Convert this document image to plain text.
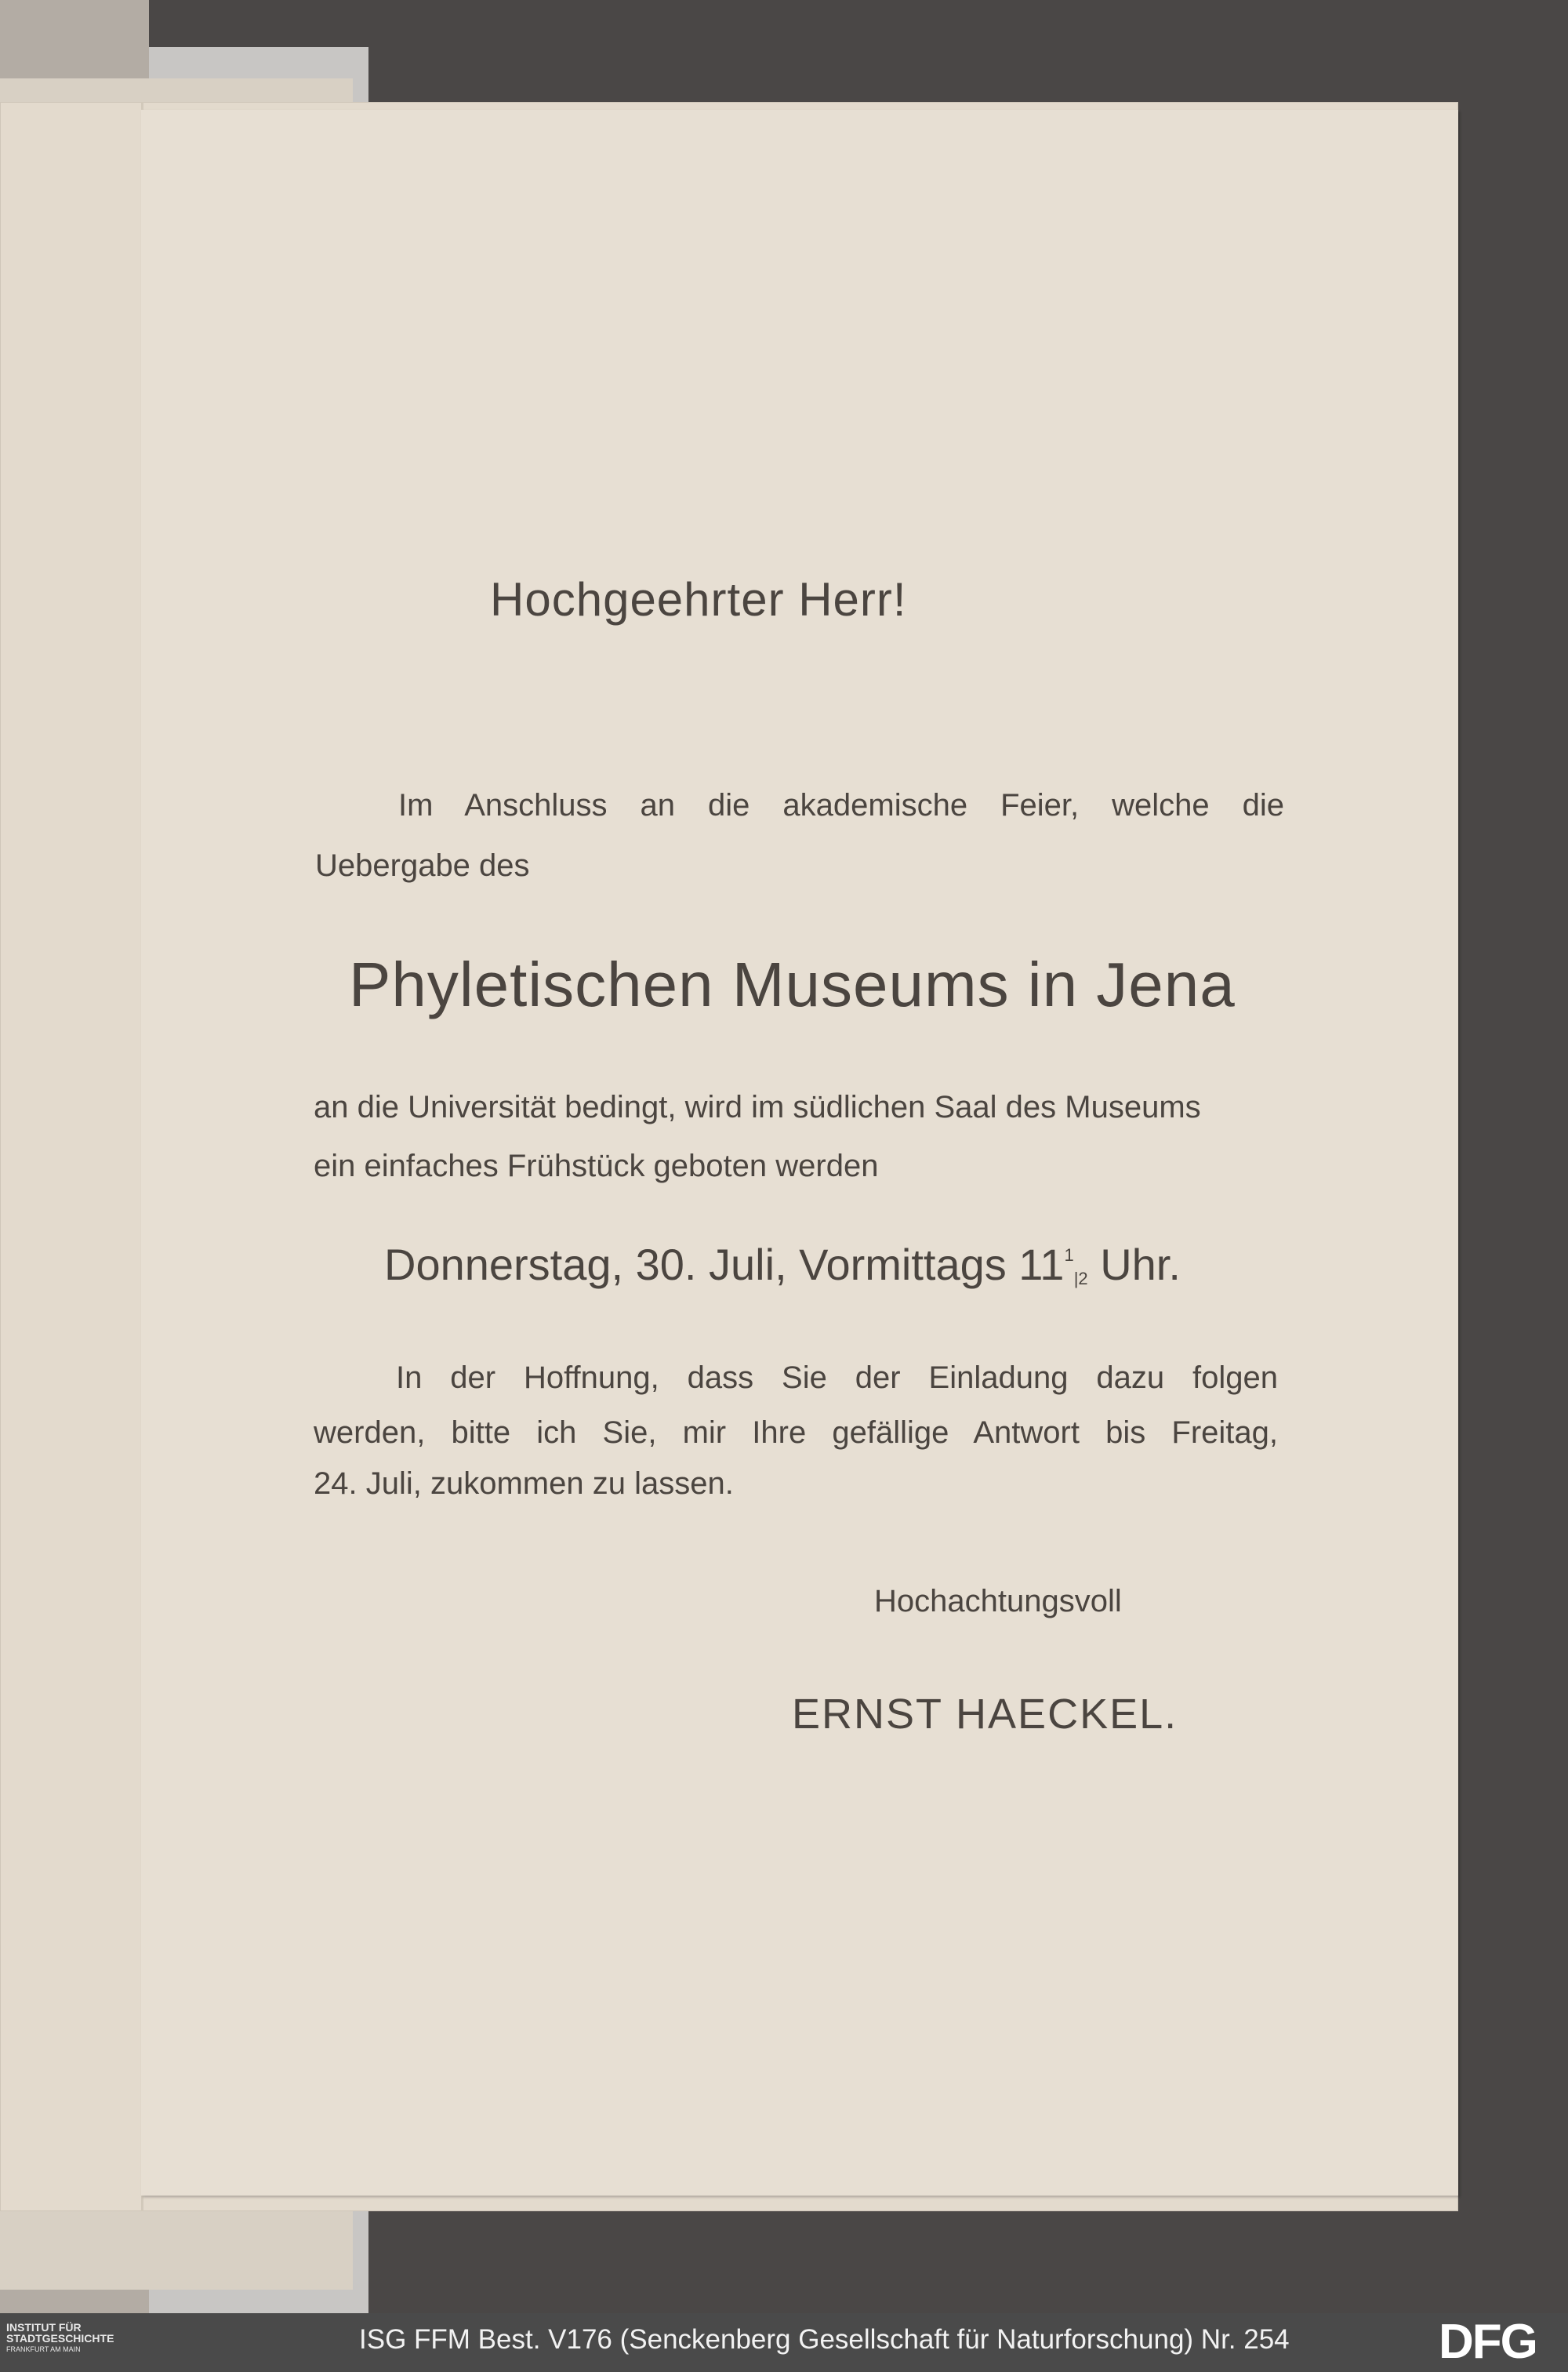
Hochgeehrter Herr!
Im Anschluss an die akademische Feier, welche die
Uebergabe des
Phyletischen Museums in Jena
an die Universität bedingt, wird im südlichen Saal des Museums
ein einfaches Frühstück geboten werden
Donnerstag, 30. Juli, Vormittags $11^1|2$ Uhr.
In der Hoffnung, dass Sie der Einladung dazu folgen
werden, bitte ich Sie, mir Ihre gefällige Antwort bis Freitag,
24. Juli, zukommen zu lassen.
Hochachtungsvoll
ERNST HAECKEL.
INSTITUT FÜR
STADTGESCHICHTE
FRANKFURT AM MAIN	ISG FFM Best. V176 (Senckenberg Gesellschaft für Naturforschung) Nr. 254	DFG
